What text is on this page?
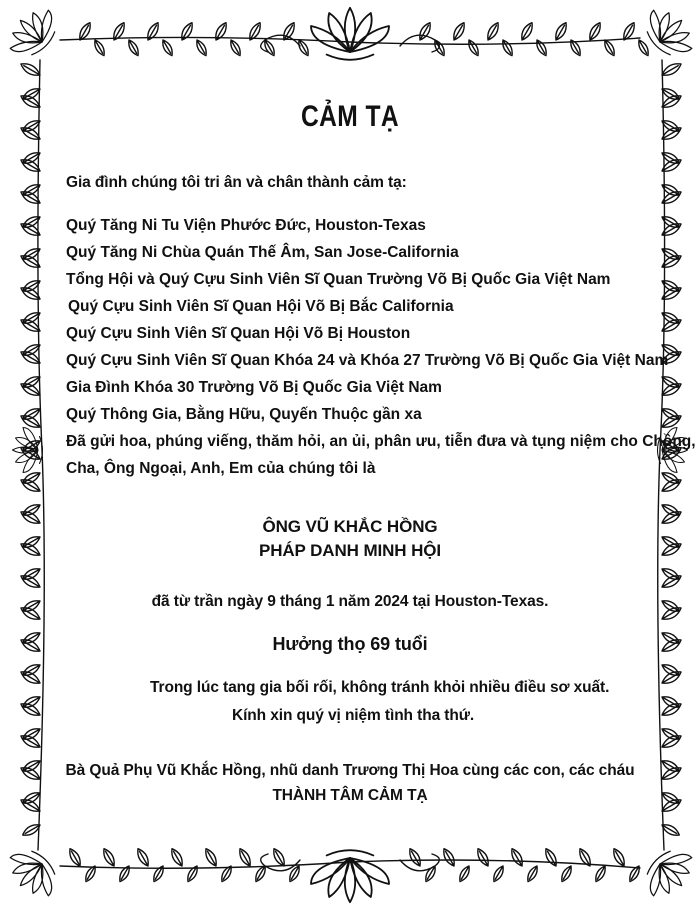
CẢM TẠ
Gia đình chúng tôi tri ân và chân thành cảm tạ:
Quý Tăng Ni Tu Viện Phước Đức, Houston-Texas
Quý Tăng Ni Chùa Quán Thế Âm, San Jose-California
Tổng Hội và Quý Cựu Sinh Viên Sĩ Quan Trường Võ Bị Quốc Gia Việt Nam
Quý Cựu Sinh Viên Sĩ Quan Hội Võ Bị Bắc California
Quý Cựu Sinh Viên Sĩ Quan Hội Võ Bị Houston
Quý Cựu Sinh Viên Sĩ Quan Khóa 24 và Khóa 27 Trường Võ Bị Quốc Gia Việt Nam
Gia Đình Khóa 30 Trường Võ Bị Quốc Gia Việt Nam
Quý Thông Gia, Bằng Hữu, Quyến Thuộc gần xa
Đã gửi hoa, phúng viếng, thăm hỏi, an ủi, phân ưu, tiễn đưa và tụng niệm cho Chồng,
Cha, Ông Ngoại, Anh, Em của chúng tôi là
ÔNG VŨ KHẮC HỒNG
PHÁP DANH MINH HỘI
đã từ trần ngày 9 tháng 1 năm 2024 tại Houston-Texas.
Hưởng thọ 69 tuổi
Trong lúc tang gia bối rối, không tránh khỏi nhiều điều sơ xuất.
Kính xin quý vị niệm tình tha thứ.
Bà Quả Phụ Vũ Khắc Hồng, nhũ danh Trương Thị Hoa cùng các con, các cháu
THÀNH TÂM CẢM TẠ
